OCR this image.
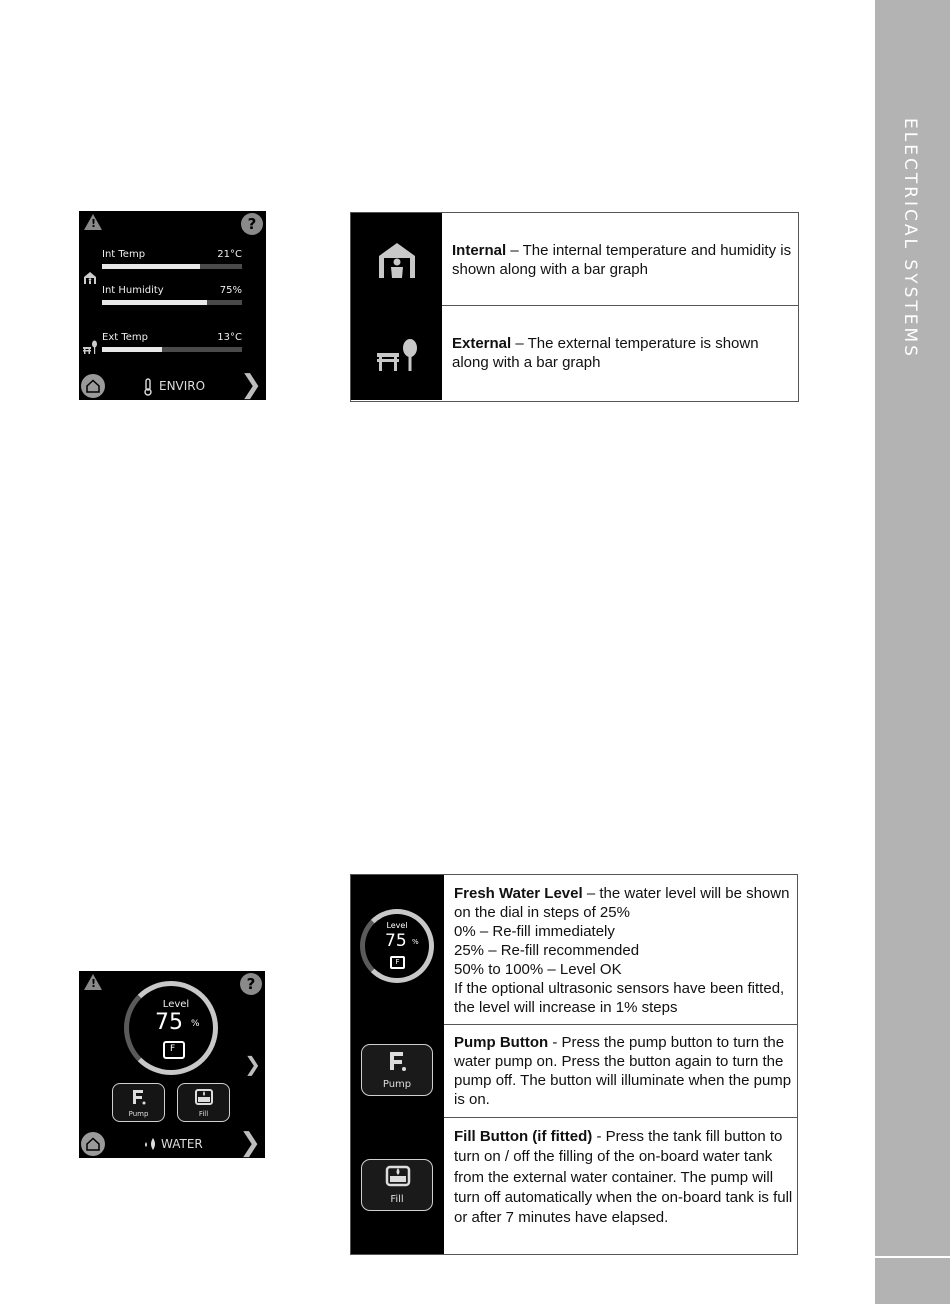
ELECTRICAL SYSTEMS
!	?
Int Temp	21°C
Int Humidity	75%
Ext Temp	13°C
ENVIRO ❯
Internal – The internal temperature and humidity is shown along with a bar graph
External – The external temperature is shown along with a bar graph
!	?
Level
75 %
F
❯
Pump	Fill
WATER ❯
Level
75 %
F

Fresh Water Level – the water level will be shown on the dial in steps of 25%

0% – Re-fill immediately

25% – Re-fill recommended

50% to 100% – Level OK

If the optional ultrasonic sensors have been fitted, the level will increase in 1% steps

Pump
Pump Button - Press the pump button to turn the water pump on. Press the button again to turn the pump off. The button will illuminate when the pump is on.
Fill
Fill Button (if fitted) - Press the tank fill button to turn on / off the filling of the on-board water tank from the external water container. The pump will turn off automatically when the on-board tank is full or after 7 minutes have elapsed.
